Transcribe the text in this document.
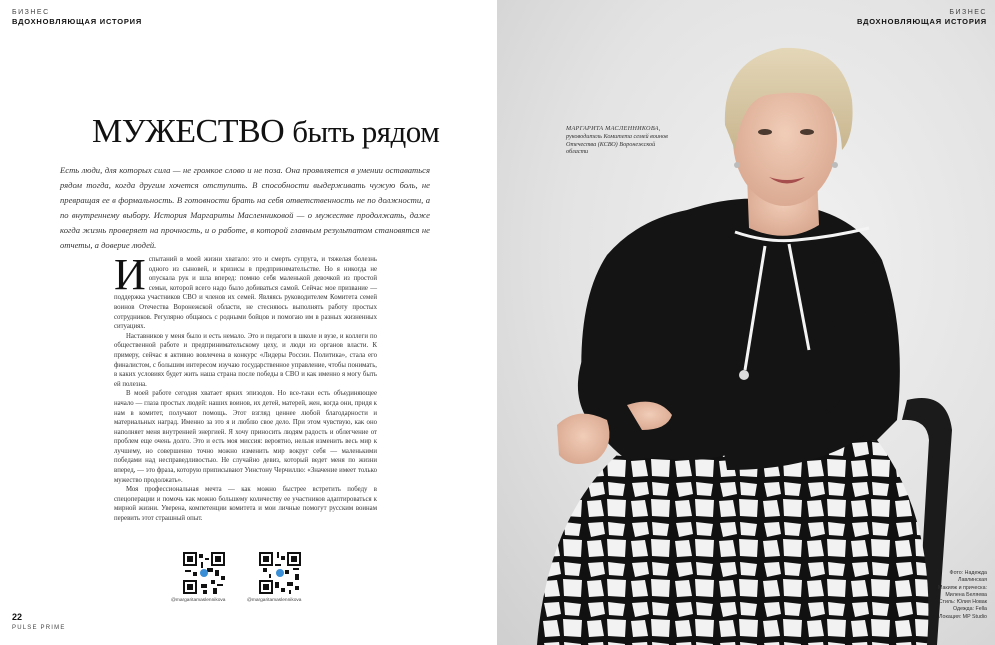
БИЗНЕС
ВДОХНОВЛЯЮЩАЯ ИСТОРИЯ
МУЖЕСТВО быть рядом
Есть люди, для которых сила — не громкое слово и не поза. Она проявляется в умении оставаться рядом тогда, когда другим хочется отступить. В способности выдерживать чужую боль, не превращая ее в формальность. В готовности брать на себя ответственность не по должности, а по внутреннему выбору. История Маргариты Масленниковой — о мужестве продолжать, даже когда жизнь проверяет на прочность, и о работе, в которой главным результатом становятся не отчеты, а доверие людей.

Испытаний в моей жизни хватало: это и смерть супруга, и тяжелая болезнь одного из сыновей, и кризисы в предпринимательстве. Но я никогда не опускала рук и шла вперед: помню себя маленькой девочкой из простой семьи, которой всего надо было добиваться самой. Сейчас мое призвание — поддержка участников СВО и членов их семей. Являясь руководителем Комитета семей воинов Отечества Воронежской области, не стесняюсь выполнять работу простых сотрудников. Регулярно общаюсь с родными бойцов и помогаю им в разных жизненных ситуациях.

Наставников у меня было и есть немало. Это и педагоги в школе и вузе, и коллеги по общественной работе и предпринимательскому цеху, и люди из органов власти. К примеру, сейчас я активно вовлечена в конкурс «Лидеры России. Политика», стала его финалистом, с большим интересом изучаю государственное управление, чтобы понимать, в каких условиях будет жить наша страна после победы в СВО и как именно я могу быть ей полезна.

В моей работе сегодня хватает ярких эпизодов. Но все-таки есть объединяющее начало — глаза простых людей: наших воинов, их детей, матерей, жен, когда они, придя к нам в комитет, получают помощь. Этот взгляд ценнее любой благодарности и материальных наград. Именно за это я и люблю свое дело. При этом чувствую, как оно наполняет меня внутренней энергией. Я хочу приносить людям радость и облегчение от проблем еще очень долго. Это и есть моя миссия: вероятно, нельзя изменить весь мир к лучшему, но совершенно точно можно изменить мир вокруг себя — маленькими победами над несправедливостью. Не случайно девиз, который ведет меня по жизни вперед, — это фраза, которую приписывают Уинстону Черчиллю: «Значение имеет только мужество продолжать».

Моя профессиональная мечта — как можно быстрее встретить победу в спецоперации и помочь как можно большему количеству ее участников адаптироваться к мирной жизни. Уверена, компетенции комитета и мои личные помогут русским воинам перевить этот страшный опыт.

@margaritamaslennikova	@margaritamaslennikova
22
PULSE PRIME
БИЗНЕС
ВДОХНОВЛЯЮЩАЯ ИСТОРИЯ
МАРГАРИТА МАСЛЕННИКОВА,
руководитель Комитета семей воинов Отечества (КСВО) Воронежской области
Фото: Надежда
Лавлинская
Макияж и прическа:
Милена Беляева
Стиль: Юлия Новак
Одежда: Fella
Локация: MP Studio
